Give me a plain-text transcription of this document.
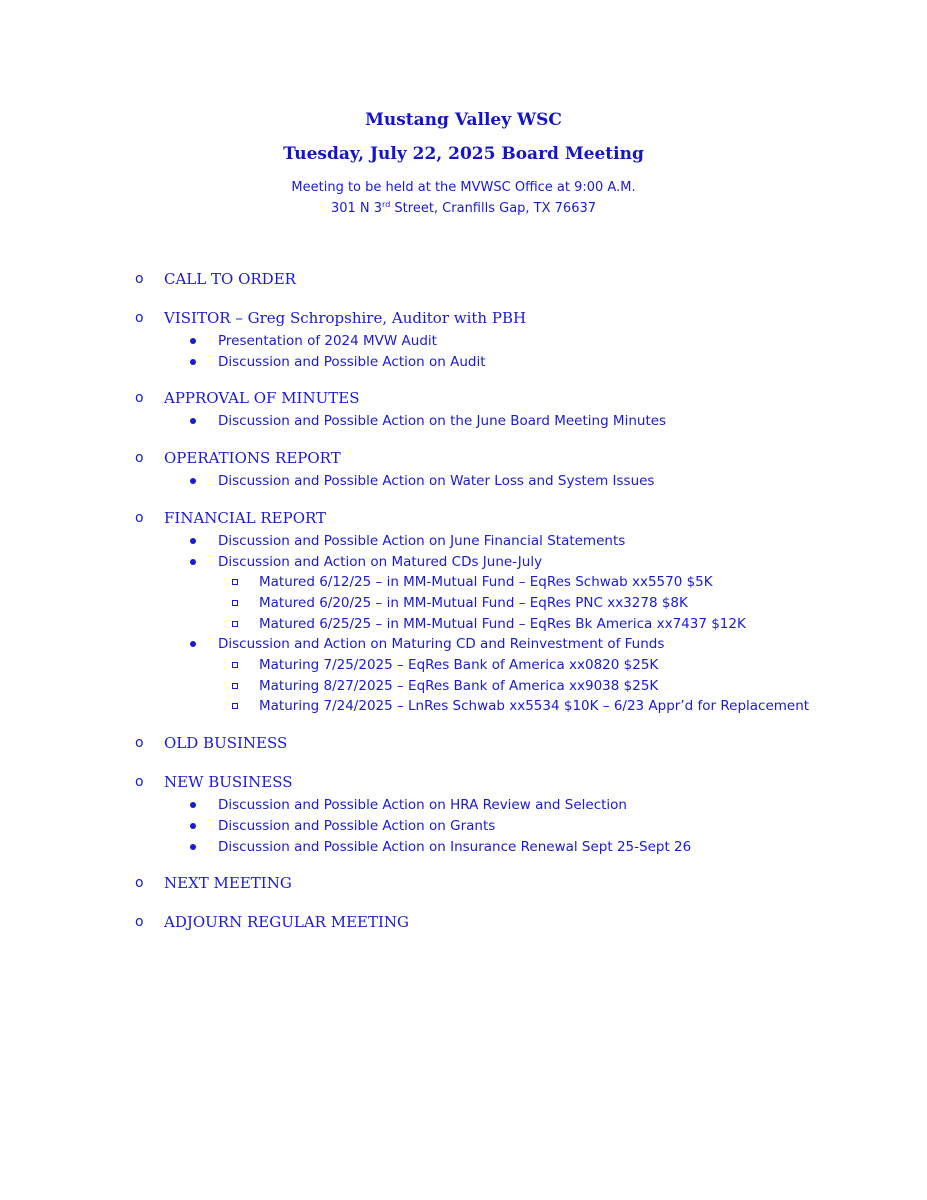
Mustang Valley WSC
Tuesday, July 22, 2025 Board Meeting

Meeting to be held at the MVWSC Office at 9:00 A.M.

301 N 3rd Street, Cranfills Gap, TX 76637

o CALL TO ORDER
o VISITOR – Greg Schropshire, Auditor with PBH
Presentation of 2024 MVW Audit
Discussion and Possible Action on Audit
o APPROVAL OF MINUTES
Discussion and Possible Action on the June Board Meeting Minutes
o OPERATIONS REPORT
Discussion and Possible Action on Water Loss and System Issues
o FINANCIAL REPORT
Discussion and Possible Action on June Financial Statements
Discussion and Action on Matured CDs June-July
Matured 6/12/25 – in MM-Mutual Fund – EqRes Schwab xx5570 $5K
Matured 6/20/25 – in MM-Mutual Fund – EqRes PNC xx3278 $8K
Matured 6/25/25 – in MM-Mutual Fund – EqRes Bk America xx7437 $12K
Discussion and Action on Maturing CD and Reinvestment of Funds
Maturing 7/25/2025 – EqRes Bank of America xx0820 $25K
Maturing 8/27/2025 – EqRes Bank of America xx9038 $25K
Maturing 7/24/2025 – LnRes Schwab xx5534 $10K – 6/23 Appr’d for Replacement
o OLD BUSINESS
o NEW BUSINESS
Discussion and Possible Action on HRA Review and Selection
Discussion and Possible Action on Grants
Discussion and Possible Action on Insurance Renewal Sept 25-Sept 26
o NEXT MEETING
o ADJOURN REGULAR MEETING
